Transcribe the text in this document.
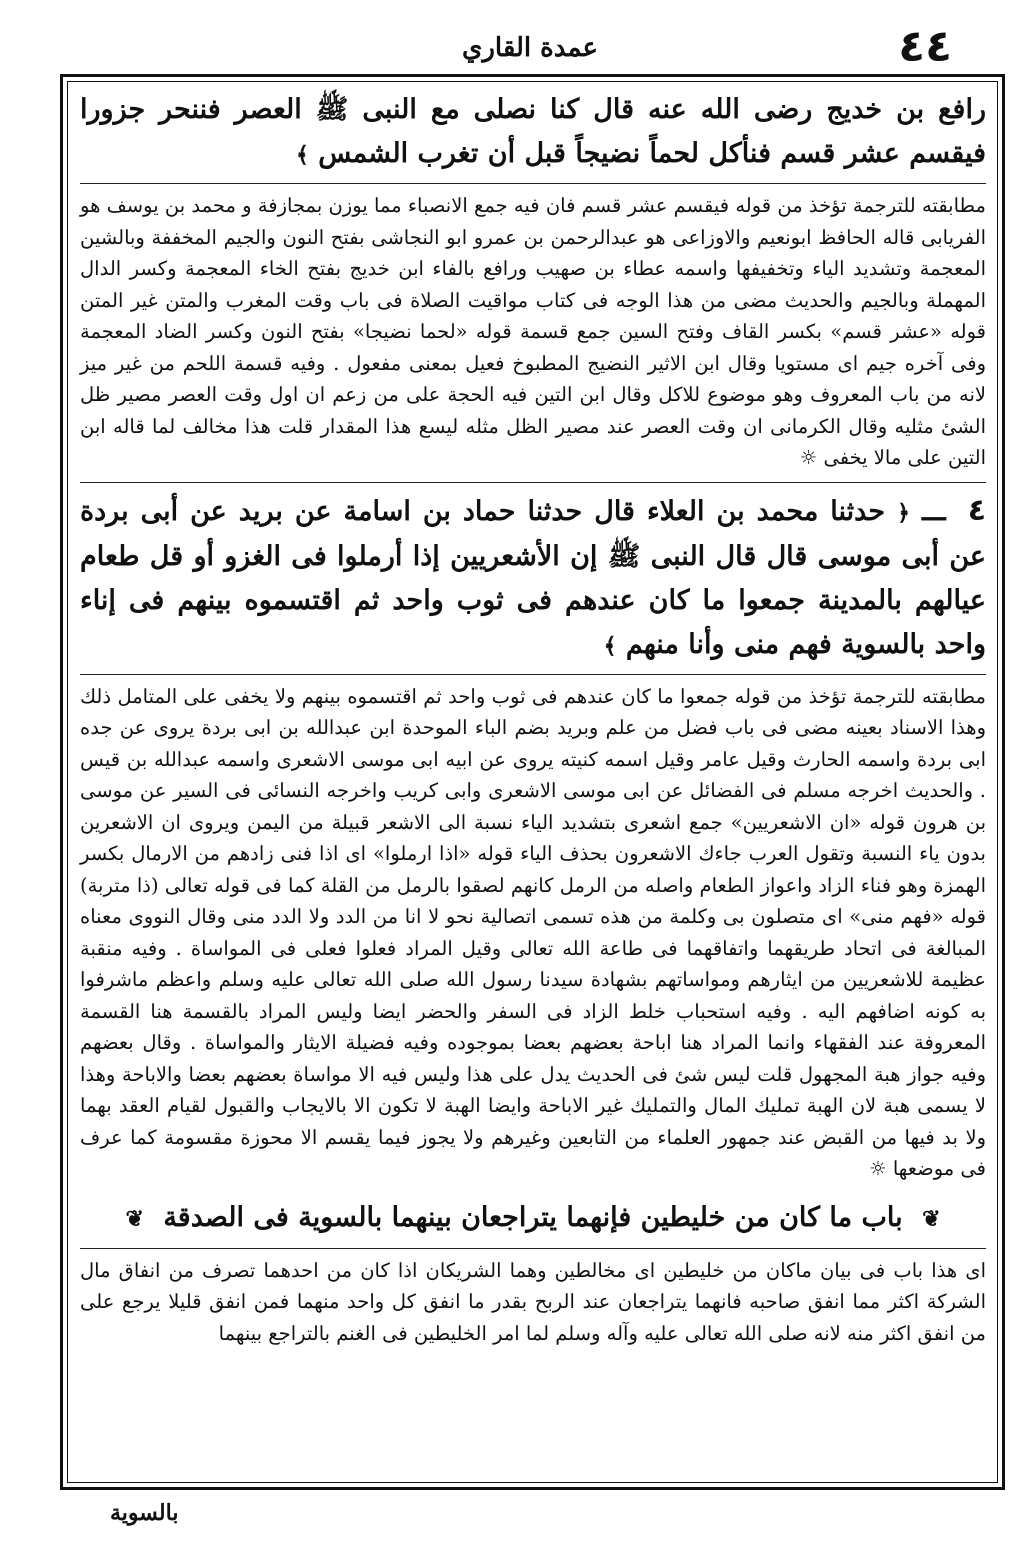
عمدة القاري	٤٤

رافع بن خديج رضى الله عنه قال كنا نصلى مع النبى ﷺ العصر فننحر جزورا فيقسم عشر قسم فنأكل لحماً نضيجاً قبل أن تغرب الشمس ﴾

مطابقته للترجمة تؤخذ من قوله فيقسم عشر قسم فان فيه جمع الانصباء مما يوزن بمجازفة و محمد بن يوسف هو الفريابى قاله الحافظ ابونعيم والاوزاعى هو عبدالرحمن بن عمرو ابو النجاشى بفتح النون والجيم المخففة وبالشين المعجمة وتشديد الياء وتخفيفها واسمه عطاء بن صهيب ورافع بالفاء ابن خديج بفتح الخاء المعجمة وكسر الدال المهملة وبالجيم والحديث مضى من هذا الوجه فى كتاب مواقيت الصلاة فى باب وقت المغرب والمتن غير المتن قوله «عشر قسم» بكسر القاف وفتح السين جمع قسمة قوله «لحما نضيجا» بفتح النون وكسر الضاد المعجمة وفى آخره جيم اى مستويا وقال ابن الاثير النضيج المطبوخ فعيل بمعنى مفعول . وفيه قسمة اللحم من غير ميز لانه من باب المعروف وهو موضوع للاكل وقال ابن التين فيه الحجة على من زعم ان اول وقت العصر مصير ظل الشئ مثليه وقال الكرمانى ان وقت العصر عند مصير الظل مثله ليسع هذا المقدار قلت هذا مخالف لما قاله ابن التين على مالا يخفى ☼

٤ ـــ ﴿ حدثنا محمد بن العلاء قال حدثنا حماد بن اسامة عن بريد عن أبى بردة عن أبى موسى قال قال النبى ﷺ إن الأشعريين إذا أرملوا فى الغزو أو قل طعام عيالهم بالمدينة جمعوا ما كان عندهم فى ثوب واحد ثم اقتسموه بينهم فى إناء واحد بالسوية فهم منى وأنا منهم ﴾

مطابقته للترجمة تؤخذ من قوله جمعوا ما كان عندهم فى ثوب واحد ثم اقتسموه بينهم ولا يخفى على المتامل ذلك وهذا الاسناد بعينه مضى فى باب فضل من علم وبريد بضم الباء الموحدة ابن عبدالله بن ابى بردة يروى عن جده ابى بردة واسمه الحارث وقيل عامر وقيل اسمه كنيته يروى عن ابيه ابى موسى الاشعرى واسمه عبدالله بن قيس . والحديث اخرجه مسلم فى الفضائل عن ابى موسى الاشعرى وابى كريب واخرجه النسائى فى السير عن موسى بن هرون قوله «ان الاشعريين» جمع اشعرى بتشديد الياء نسبة الى الاشعر قبيلة من اليمن ويروى ان الاشعرين بدون ياء النسبة وتقول العرب جاءك الاشعرون بحذف الياء قوله «اذا ارملوا» اى اذا فنى زادهم من الارمال بكسر الهمزة وهو فناء الزاد واعواز الطعام واصله من الرمل كانهم لصقوا بالرمل من القلة كما فى قوله تعالى (ذا متربة) قوله «فهم منى» اى متصلون بى وكلمة من هذه تسمى اتصالية نحو لا انا من الدد ولا الدد منى وقال النووى معناه المبالغة فى اتحاد طريقهما واتفاقهما فى طاعة الله تعالى وقيل المراد فعلوا فعلى فى المواساة . وفيه منقبة عظيمة للاشعريين من ايثارهم ومواساتهم بشهادة سيدنا رسول الله صلى الله تعالى عليه وسلم واعظم ماشرفوا به كونه اضافهم اليه . وفيه استحباب خلط الزاد فى السفر والحضر ايضا وليس المراد بالقسمة هنا القسمة المعروفة عند الفقهاء وانما المراد هنا اباحة بعضهم بعضا بموجوده وفيه فضيلة الايثار والمواساة . وقال بعضهم وفيه جواز هبة المجهول قلت ليس شئ فى الحديث يدل على هذا وليس فيه الا مواساة بعضهم بعضا والاباحة وهذا لا يسمى هبة لان الهبة تمليك المال والتمليك غير الاباحة وايضا الهبة لا تكون الا بالايجاب والقبول لقيام العقد بهما ولا بد فيها من القبض عند جمهور العلماء من التابعين وغيرهم ولا يجوز فيما يقسم الا محوزة مقسومة كما عرف فى موضعها ☼

❦ باب ما كان من خليطين فإنهما يتراجعان بينهما بالسوية فى الصدقة ❦

اى هذا باب فى بيان ماكان من خليطين اى مخالطين وهما الشريكان اذا كان من احدهما تصرف من انفاق مال الشركة اكثر مما انفق صاحبه فانهما يتراجعان عند الربح بقدر ما انفق كل واحد منهما فمن انفق قليلا يرجع على من انفق اكثر منه لانه صلى الله تعالى عليه وآله وسلم لما امر الخليطين فى الغنم بالتراجع بينهما

بالسوية
